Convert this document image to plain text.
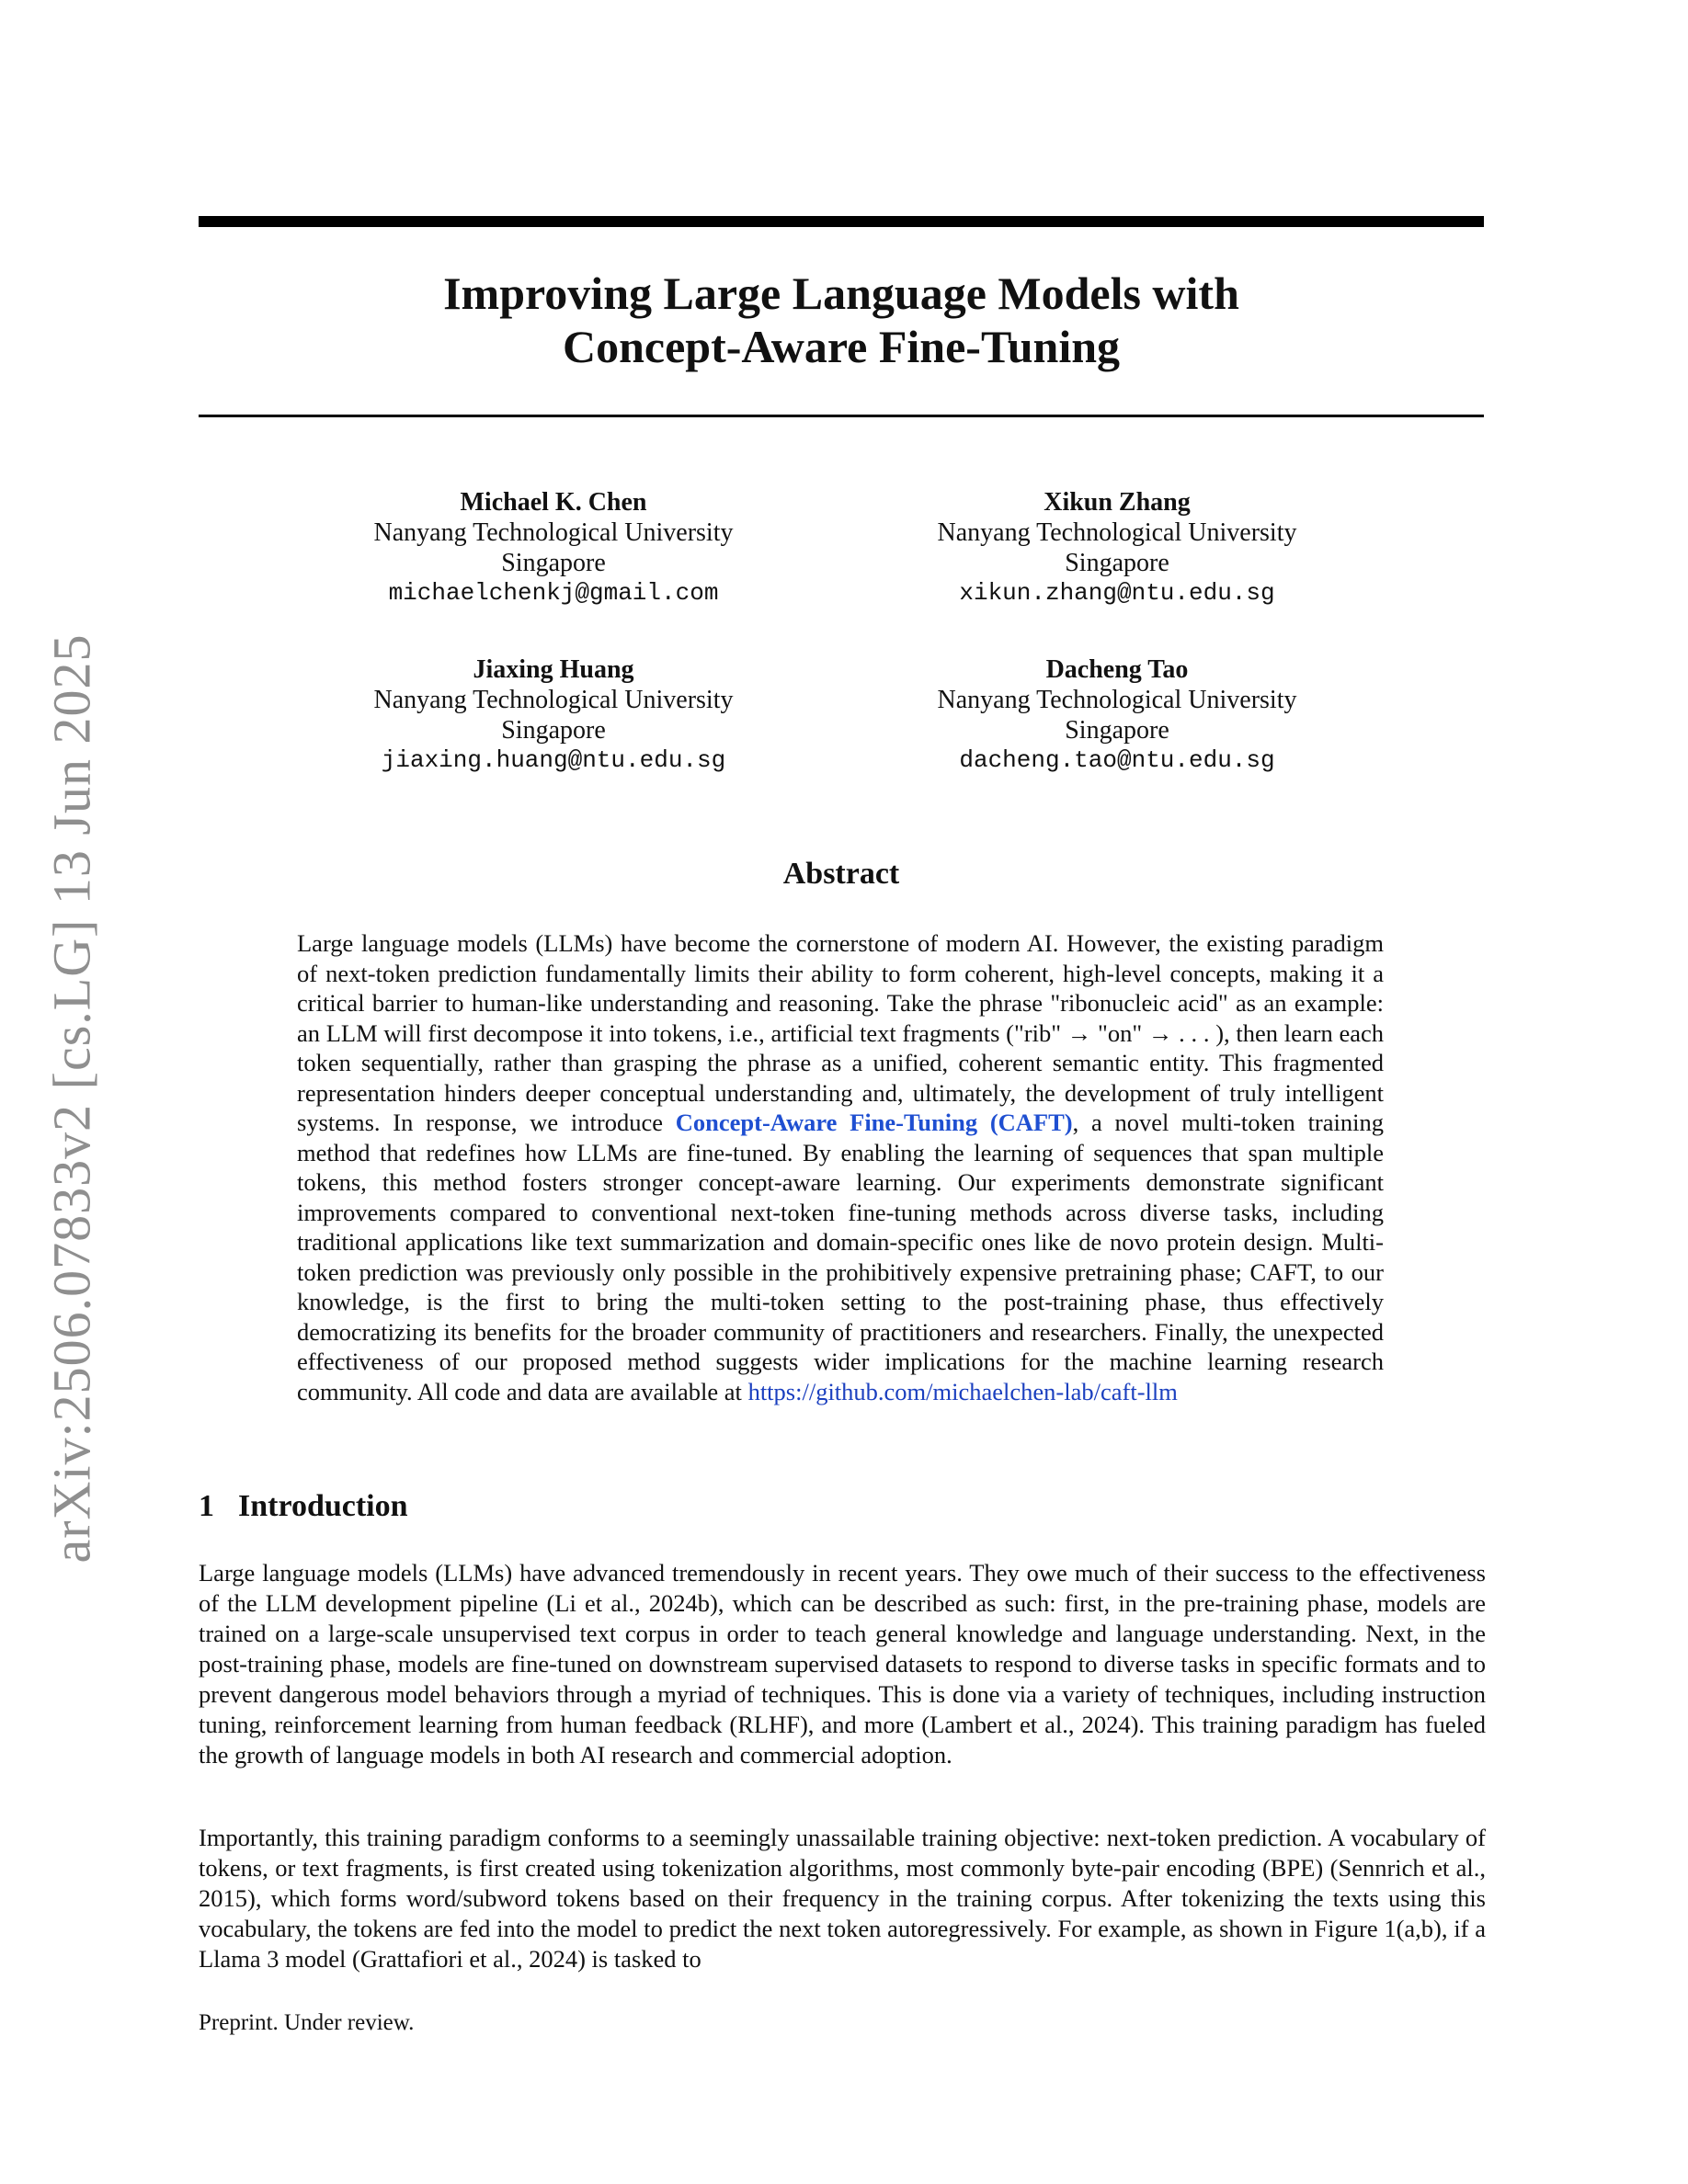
arXiv:2506.07833v2 [cs.LG] 13 Jun 2025
Improving Large Language Models with
Concept-Aware Fine-Tuning
Michael K. Chen
Nanyang Technological University
Singapore
michaelchenkj@gmail.com
Xikun Zhang
Nanyang Technological University
Singapore
xikun.zhang@ntu.edu.sg
Jiaxing Huang
Nanyang Technological University
Singapore
jiaxing.huang@ntu.edu.sg
Dacheng Tao
Nanyang Technological University
Singapore
dacheng.tao@ntu.edu.sg
Abstract

Large language models (LLMs) have become the cornerstone of modern AI. However, the existing paradigm of next-token prediction fundamentally limits their ability to form coherent, high-level concepts, making it a critical barrier to human-like understanding and reasoning. Take the phrase "ribonucleic acid" as an example: an LLM will first decompose it into tokens, i.e., artificial text fragments ("rib" → "on" → . . . ), then learn each token sequentially, rather than grasping the phrase as a unified, coherent semantic entity. This fragmented representation hinders deeper conceptual understanding and, ultimately, the development of truly intelligent systems. In response, we introduce Concept-Aware Fine-Tuning (CAFT), a novel multi-token training method that redefines how LLMs are fine-tuned. By enabling the learning of sequences that span multiple tokens, this method fosters stronger concept-aware learning. Our experiments demonstrate significant improvements compared to conventional next-token fine-tuning methods across diverse tasks, including traditional applications like text summarization and domain-specific ones like de novo protein design. Multi-token prediction was previously only possible in the prohibitively expensive pretraining phase; CAFT, to our knowledge, is the first to bring the multi-token setting to the post-training phase, thus effectively democratizing its benefits for the broader community of practitioners and researchers. Finally, the unexpected effectiveness of our proposed method suggests wider implications for the machine learning research community. All code and data are available at https://github.com/michaelchen-lab/caft-llm

1 Introduction

Large language models (LLMs) have advanced tremendously in recent years. They owe much of their success to the effectiveness of the LLM development pipeline (Li et al., 2024b), which can be described as such: first, in the pre-training phase, models are trained on a large-scale unsupervised text corpus in order to teach general knowledge and language understanding. Next, in the post-training phase, models are fine-tuned on downstream supervised datasets to respond to diverse tasks in specific formats and to prevent dangerous model behaviors through a myriad of techniques. This is done via a variety of techniques, including instruction tuning, reinforcement learning from human feedback (RLHF), and more (Lambert et al., 2024). This training paradigm has fueled the growth of language models in both AI research and commercial adoption.

Importantly, this training paradigm conforms to a seemingly unassailable training objective: next-token prediction. A vocabulary of tokens, or text fragments, is first created using tokenization algorithms, most commonly byte-pair encoding (BPE) (Sennrich et al., 2015), which forms word/subword tokens based on their frequency in the training corpus. After tokenizing the texts using this vocabulary, the tokens are fed into the model to predict the next token autoregressively. For example, as shown in Figure 1(a,b), if a Llama 3 model (Grattafiori et al., 2024) is tasked to

Preprint. Under review.
